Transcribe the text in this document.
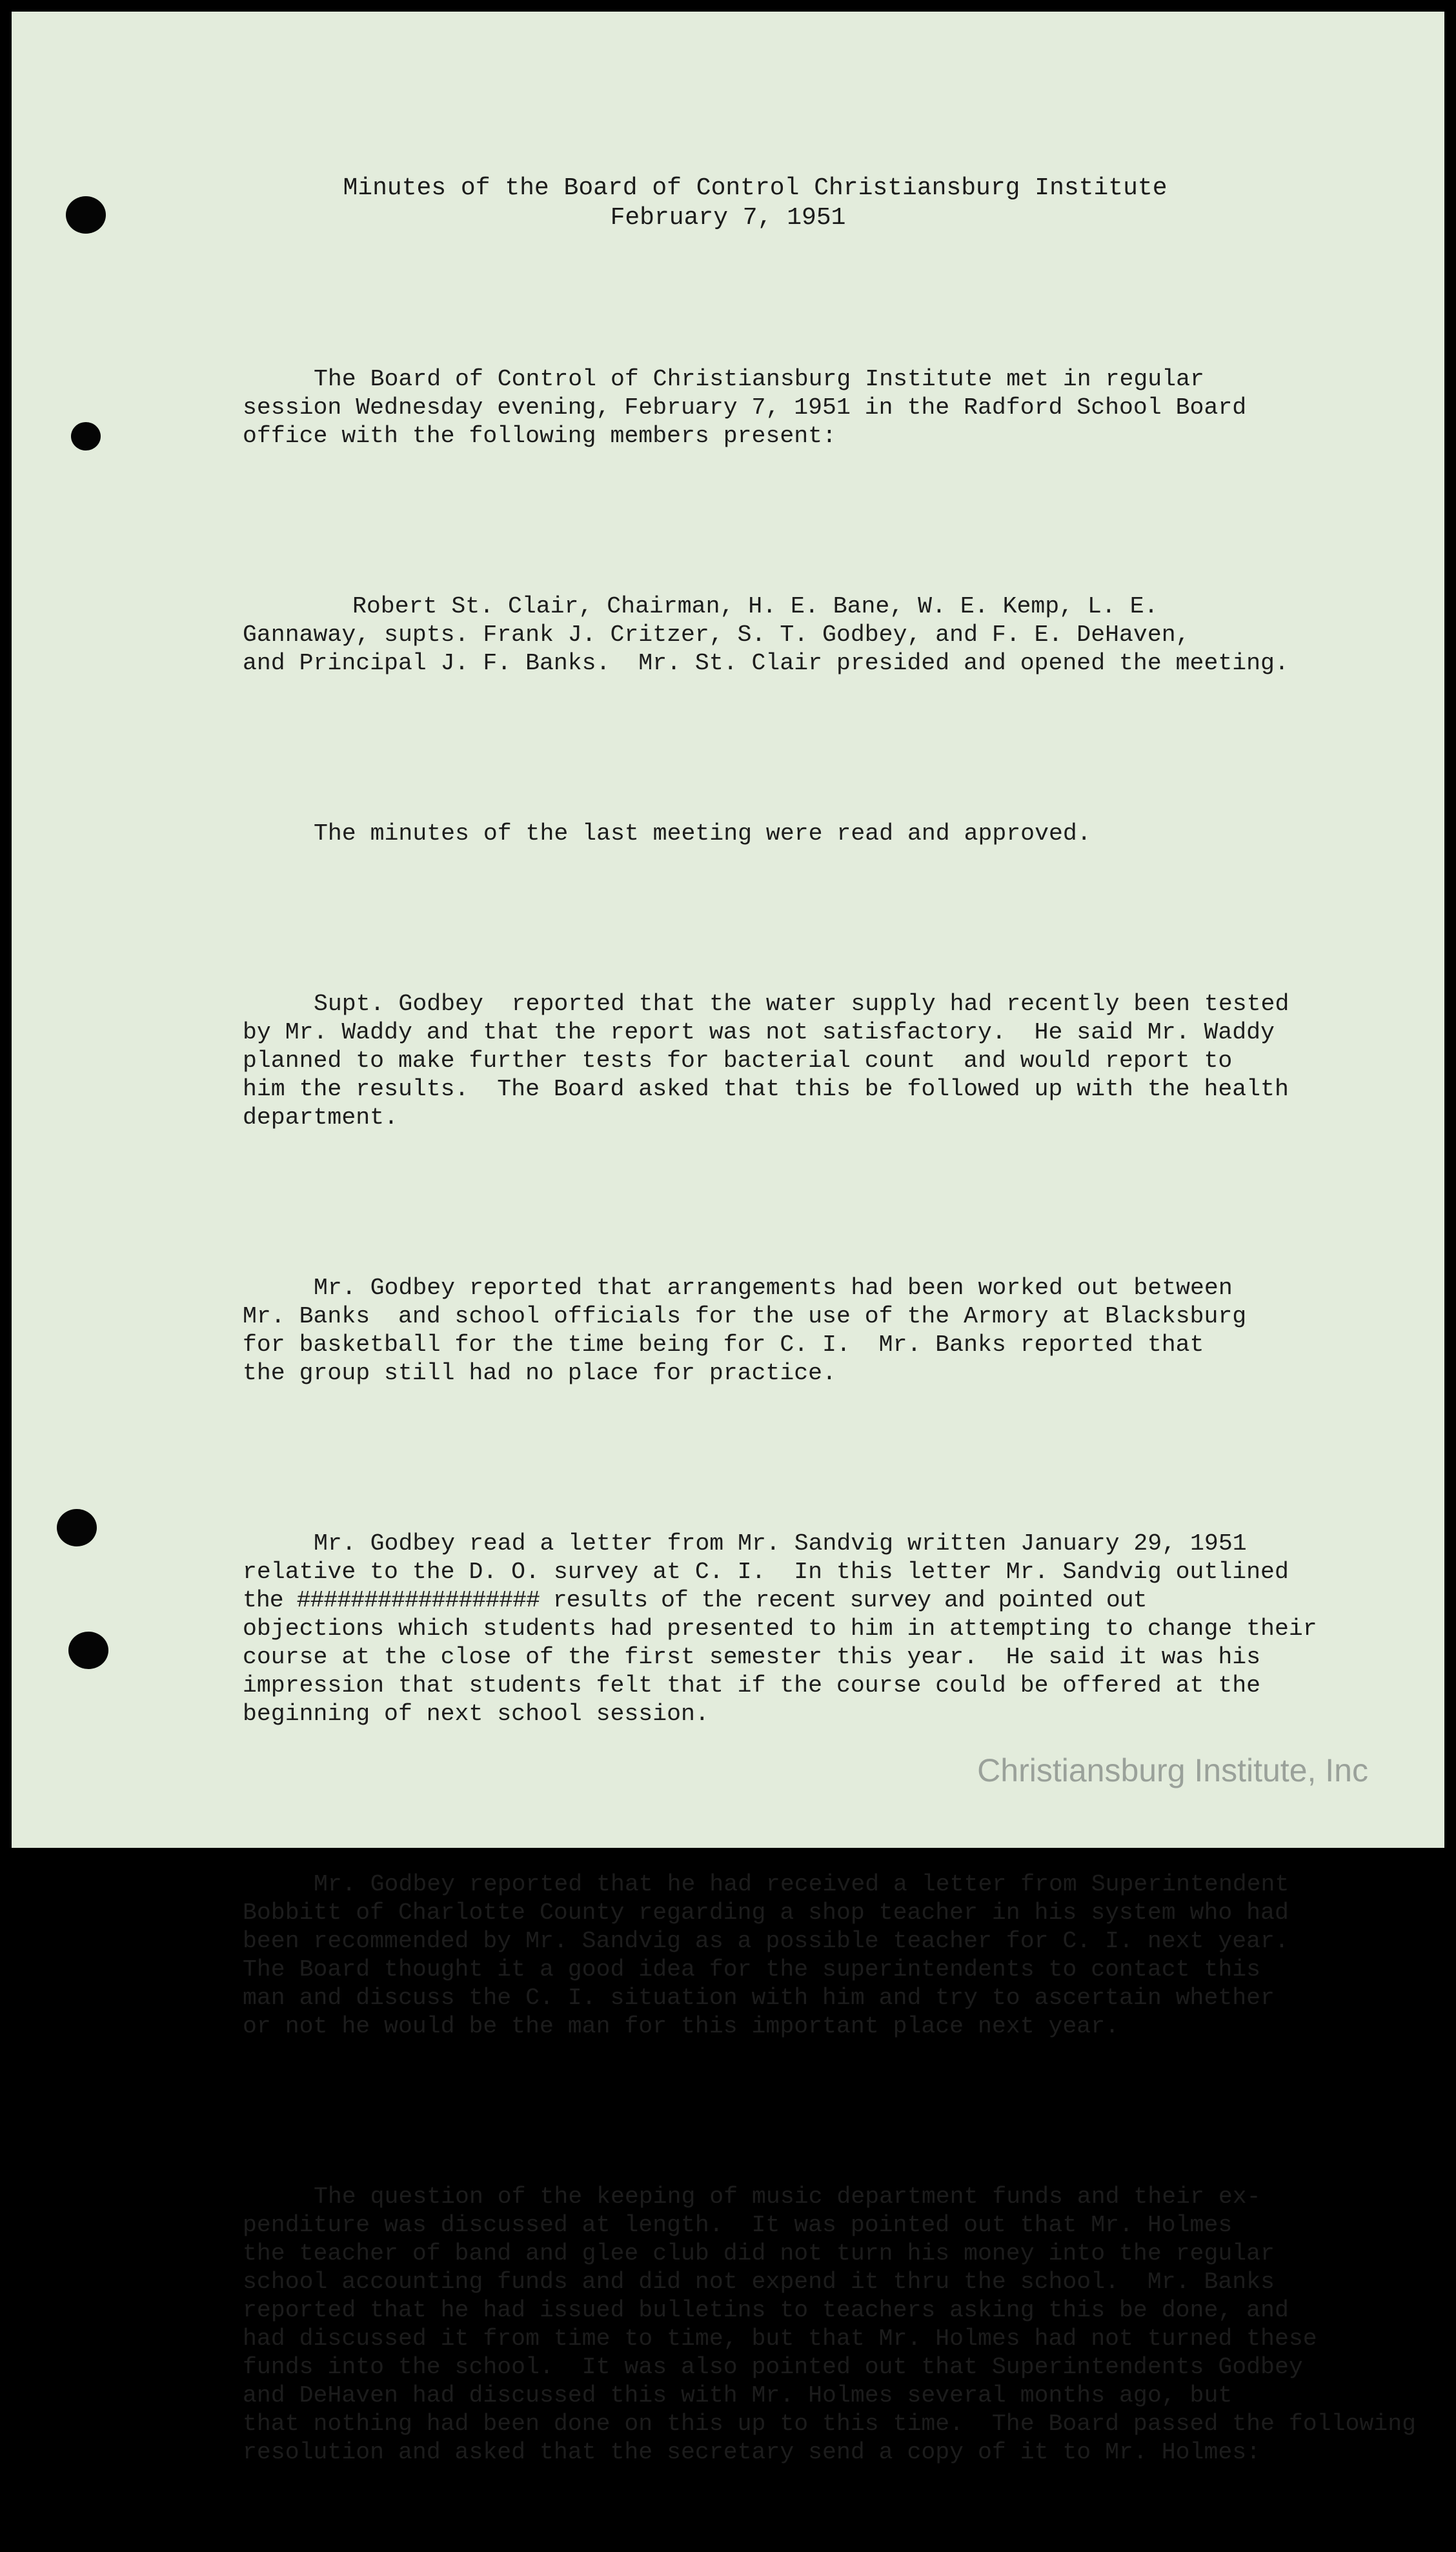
Minutes of the Board of Control Christiansburg Institute
February 7, 1951

The Board of Control of Christiansburg Institute met in regular
session Wednesday evening, February 7, 1951 in the Radford School Board
office with the following members present:

Robert St. Clair, Chairman, H. E. Bane, W. E. Kemp, L. E.
Gannaway, supts. Frank J. Critzer, S. T. Godbey, and F. E. DeHaven,
and Principal J. F. Banks.  Mr. St. Clair presided and opened the meeting.

The minutes of the last meeting were read and approved.

Supt. Godbey  reported that the water supply had recently been tested
by Mr. Waddy and that the report was not satisfactory.  He said Mr. Waddy
planned to make further tests for bacterial count  and would report to
him the results.  The Board asked that this be followed up with the health
department.

Mr. Godbey reported that arrangements had been worked out between
Mr. Banks  and school officials for the use of the Armory at Blacksburg
for basketball for the time being for C. I.  Mr. Banks reported that
the group still had no place for practice.

Mr. Godbey read a letter from Mr. Sandvig written January 29, 1951
relative to the D. O. survey at C. I.  In this letter Mr. Sandvig outlined
the ################## results of the recent survey and pointed out
objections which students had presented to him in attempting to change their
course at the close of the first semester this year.  He said it was his
impression that students felt that if the course could be offered at the
beginning of next school session.

Mr. Godbey reported that he had received a letter from Superintendent
Bobbitt of Charlotte County regarding a shop teacher in his system who had
been recommended by Mr. Sandvig as a possible teacher for C. I. next year.
The Board thought it a good idea for the superintendents to contact this
man and discuss the C. I. situation with him and try to ascertain whether
or not he would be the man for this important place next year.

The question of the keeping of music department funds and their ex-
penditure was discussed at length.  It was pointed out that Mr. Holmes
the teacher of band and glee club did not turn his money into the regular
school accounting funds and did not expend it thru the school.  Mr. Banks
reported that he had issued bulletins to teachers asking this be done, and
had discussed it from time to time, but that Mr. Holmes had not turned these
funds into the school.  It was also pointed out that Superintendents Godbey
and DeHaven had discussed this with Mr. Holmes several months ago, but
that nothing had been done on this up to this time.  The Board passed the following
resolution and asked that the secretary send a copy of it to Mr. Holmes:

Christiansburg Institute, Inc
